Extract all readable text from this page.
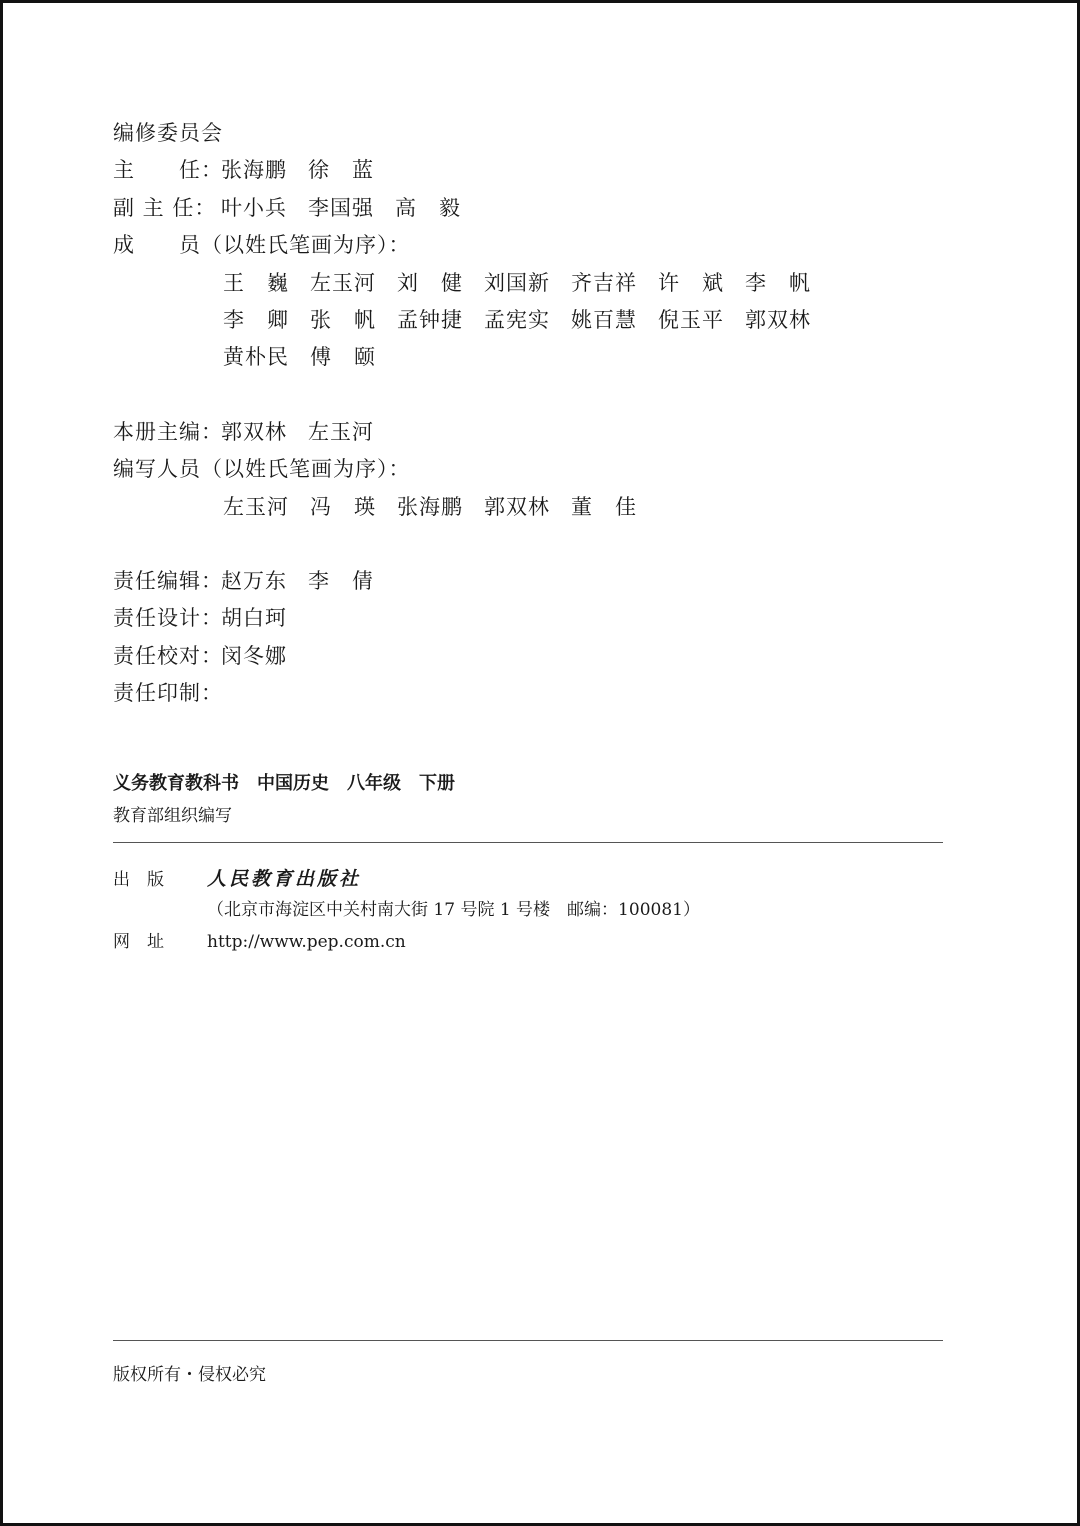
编修委员会
主　　任：张海鹏 徐　蓝
副 主 任： 叶小兵 李国强 高　毅
成　　员（以姓氏笔画为序）：
王　巍 左玉河 刘　健 刘国新 齐吉祥 许　斌 李　帆
李　卿 张　帆 孟钟捷 孟宪实 姚百慧 倪玉平 郭双林
黄朴民 傅　颐
本册主编：郭双林 左玉河
编写人员（以姓氏笔画为序）：
左玉河 冯　瑛 张海鹏 郭双林 董　佳
责任编辑：赵万东 李　倩
责任设计：胡白珂
责任校对：闵冬娜
责任印制：
义务教育教科书 中国历史 八年级 下册
教育部组织编写
出　版 人民教育出版社
（北京市海淀区中关村南大街 17 号院 1 号楼　邮编：100081）
网　址	http://www.pep.com.cn
版权所有・侵权必究
